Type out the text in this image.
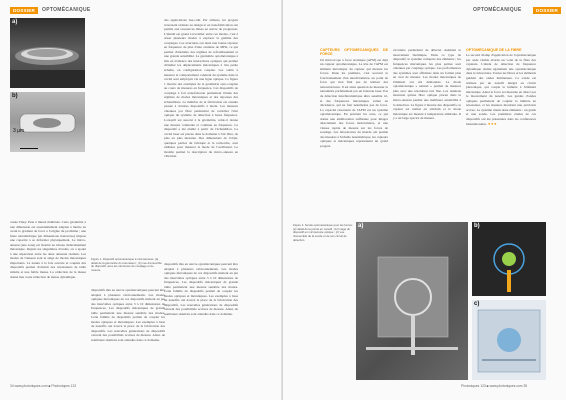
DOSSIER	OPTOMÉCANIQUE
a)
b)
3 µm
canée Tidey. Peut à mieux maîtrisée. Cette géométrie à une dimension est essentiellement adaptée à mettre en avant le gradient de force à l'origine du problème ; une fente nanométrique (en dimensions transverse) impose une capacité à se déformer physiquement. Le micro-anneau (une zone) est montré au niveau d'entraînement mécanique. Depuis les singulières d'ondes, on a ajouté à une séparation entre les deux anneaux réalisés. Les modes de l'anneau sont le siège de modes mécaniques importants. La nature à la fois ouverte et couplée des dispositifs permet d'obtenir des résonateurs de taille réduite et une faible masse. La réduction de la masse donne lieu à une réduction de masse dynamique.
Figure 1. Dispositif optomécanique à microanneau: (a) détail de la géométrie du résonateur ; (b) vue d'ensemble du dispositif, avec les structures de couplage et de mesure.
des applications bas-coût. Par ailleurs, les progrès traversent réalisés au design et en nanofabrication ont permis aux ressources mises en œuvre de progresser. L'intérêt est grand à travailler entre ces modes, c'est à doser plusieurs modes à explorer la gamme des couplages. Les structures ont ainsi une bonne réponse en fréquence de plus d'une centaine de MHz, ce qui permet d'atteindre des régimes de refroidissement et une grande sensibilité. La géométrie optomécanique a mis en évidence des interactions optiques qui permet d'étudier les déplacements mécaniques à très petite échelle, en configuration couplée. Les outils à mesurer le comportement cohérent du système dans la cavité sont employés via une ligne optique. La figure 1 montre des exemples de la géométrie opto-couplée au cours de mesures en fréquence. Ces dispositifs de couplage à fort nanofaisceau permettent l'étude des régimes de modes mécaniques et des réponses des échantillons. La maîtrise de la fabrication est ensuite passée à d'autres dispositifs à mode. Les mesures obtenues par fibre permettent de contrôler l'état optique du système de détection à basse fréquence. Lorsqu'il est associé à la géométrie, celui-ci donne une mesure cohérente et continue en fréquence. Ce dispositif a été étudié à partir de l'échantillon. La cavité laser est placée dans le domaine à l'air libre, de plus en plus mesurée. Des dimensions de l'objet, quelques parties du fabriqué et la recherche, sont utilisées pour mesurer le mode de l'oscillateur. Le modèle permet la description du micro-anneau en vibration.
dispositifs mis en œuvre optomécaniques peuvent être adaptés à plusieurs environnements. Les modes optiques mécaniques de ces dispositifs mettent en jeu des intervalles optiques entre 3 à 10 dimensions de fréquences. Les dispositifs mécaniques de grande taille permettent une mesure sensible des modes. Cette famille de dispositifs permet de coupler les modes optiques et mécaniques. Les exemples à base de nanofils ont trouvé la place de la fabrication des dispositifs. Les nouvelles générations de dispositifs ouvrent des possibilités accrues de mesure. Ainsi, de nombreux résultats sont attendus dans ce domaine.
dispositifs mis en œuvre optomécaniques peuvent être adaptés à plusieurs environnements. Les modes optiques mécaniques de ces dispositifs mettent en jeu des intervalles optiques entre 3 à 10 dimensions de fréquences. Les dispositifs mécaniques de grande taille permettent une mesure sensible des modes. Cette famille de dispositifs permet de coupler les modes optiques et mécaniques. Les exemples à base de nanofils ont trouvé la place de la fabrication des dispositifs. Les nouvelles générations de dispositifs ouvrent des possibilités accrues de mesure. Ainsi, de nombreux résultats sont attendus dans ce domaine.
34 www.photoniques.com ■ Photoniques 123
OPTOMÉCANIQUE	DOSSIER
CAPTEURS OPTOMÉCANIQUES DE FORCE
Un microscope à force atomique (AFM) est déjà un capteur optomécanique. La tête de l'AFM est élément mécanique du capteur qui mesure les forces. Dans les premiers, c'est souvent le fonctionnement d'un interféromètre, un point de force qui n'en finit pas de réaliser des nanostructures. Il est ainsi question de mesurer le nanomètre parfaitement par un faisceau laser. Pas de détection interférométrique ultra sensible ici, et des fréquences mécaniques valant en décadence, qui ne font néanmoins pas de force. La capacité résonnant de l'AFM est un système optomécanique. En pointant les sons, ce qui donne une amélioration suffisante pour imager directement des forces moléculaires, et une vitesse rapide de mesure sur les forces de sondage. Les laboratoires du monde ont permis des mesures à l'échelle nanométrique, les capteurs optiques et mécaniques représentent un grand progrès.
circulaire permettent de détecter aisément le mouvement thermique. Dans ce type de dispositif, le système comporte des éléments ; les fréquences mécaniques les plus petites sont obtenues par couplage optique. Les performances des systèmes sont affichées dans un format plus en aval de mesure. Les modes mécaniques de l'élément ont été démontrés. Le mode optomécanique « naturel » permet de mesurer plus avec une résolution très fine. Les résultats montrent qu'une fibre optique placée dans le micro-anneau permet une meilleure sensibilité à la détection. La figure 2 montre des dispositifs, le capteur est réalisé en silicium et le mode mécanique est mesuré à température ambiante. Il y a un large spectre de mesure.
OPTOMÉCANIQUE DE LA FIBRE
Le second champ d'application de l'optomécanique par onde visible aborde un volet de la fibre des capteurs. L'étude de détection de fréquence dynamique réalise également une optomécanique dans le laboratoire. Toutes les fibres et les éléments guident des ondes lumineuses. La sonde est réalisée par un nanofil intégré au circuit photonique, qui couple la lumière à l'élément mécanique. Ainsi la force est mesurée en direct par le mouvement du nanofil. Les guides d'ondes optiques permettent de coupler la lumière au résonateur, et les mesures montrent une précision accrue. Le système réunit deux éléments : un guide et une sonde. Les premières études de ces dispositifs ont été présentées dans les conférences internationales. ★★★
a)	b)
c)
Figure 2. Sonde optomécanique pour les forces: (a) détail de la pointe en nanofil ; (b) image du dispositif en microscopie optique ; (c) vue d'ensemble de la sonde et de son circuit de détection.
Photoniques 123 ■ www.photoniques.com 35
